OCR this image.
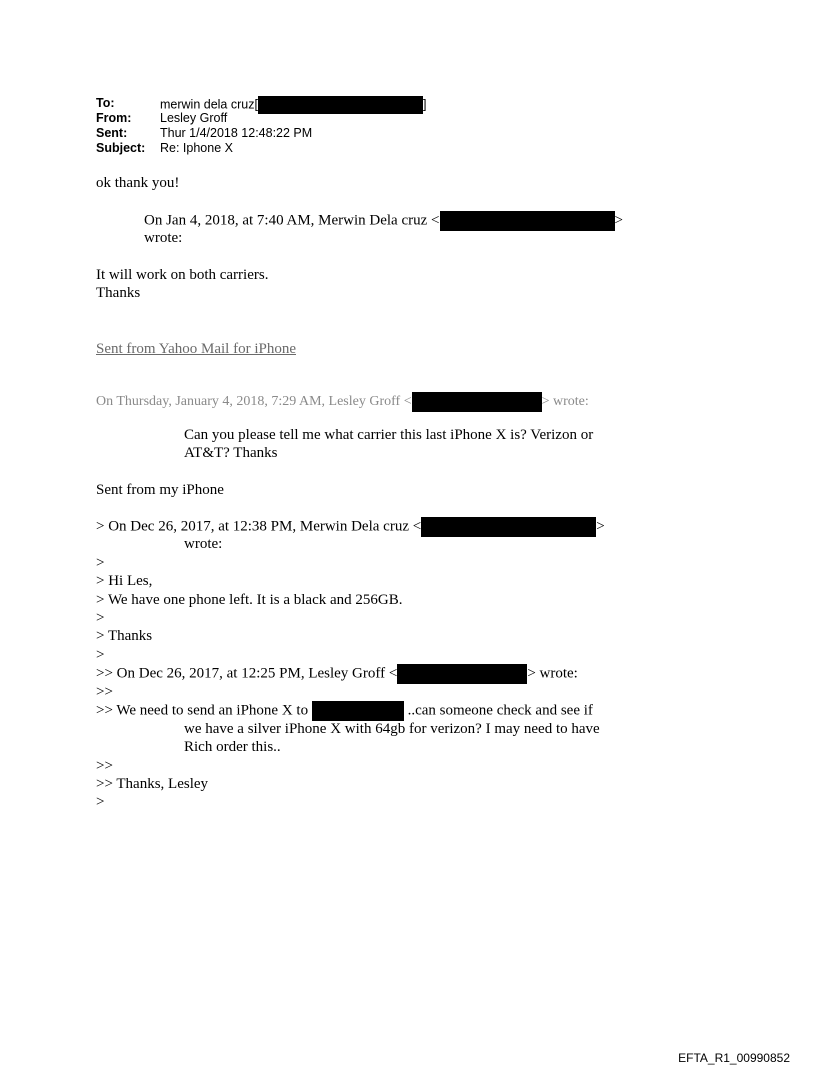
To:	merwin dela cruz[	]
From:	Lesley Groff
Sent:	Thur 1/4/2018 12:48:22 PM
Subject:	Re: Iphone X
ok thank you!
On Jan 4, 2018, at 7:40 AM, Merwin Dela cruz <	>
wrote:
It will work on both carriers.
Thanks
Sent from Yahoo Mail for iPhone
On Thursday, January 4, 2018, 7:29 AM, Lesley Groff <	> wrote:
Can you please tell me what carrier this last iPhone X is? Verizon or
AT&T? Thanks
Sent from my iPhone
> On Dec 26, 2017, at 12:38 PM, Merwin Dela cruz <	>
wrote:
>
> Hi Les,
> We have one phone left. It is a black and 256GB.
>
> Thanks
>
>> On Dec 26, 2017, at 12:25 PM, Lesley Groff <	> wrote:
>>
>> We need to send an iPhone X to	..can someone check and see if
we have a silver iPhone X with 64gb for verizon? I may need to have
Rich order this..
>>
>> Thanks, Lesley
>
EFTA_R1_00990852
